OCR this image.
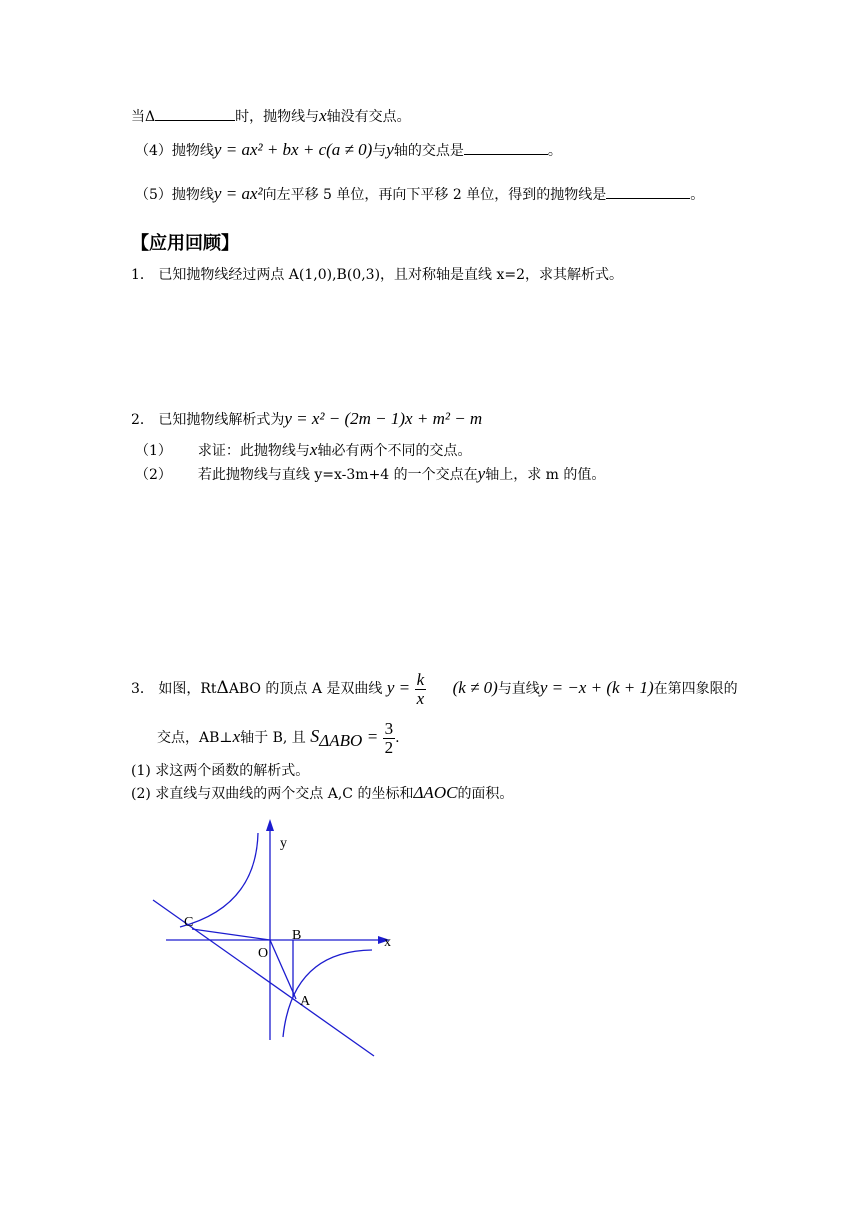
当Δ	时，抛物线与x轴没有交点。
（4）抛物线y = ax² + bx + c(a ≠ 0)与y轴的交点是	。
（5）抛物线y = ax²向左平移 5 单位，再向下平移 2 单位，得到的抛物线是	。
【应用回顾】
1． 已知抛物线经过两点 A(1,0),B(0,3)，且对称轴是直线 x=2，求其解析式。
2． 已知抛物线解析式为y = x² − (2m − 1)x + m² − m
（1） 求证：此抛物线与x轴必有两个不同的交点。
（2） 若此抛物线与直线 y=x-3m+4 的一个交点在y轴上，求 m 的值。
3． 如图，RtΔABO 的顶点 A 是双曲线 $y = \frac{k}{x} (k \ne 0)$与直线y = −x + (k + 1)在第四象限的
交点，AB⊥x轴于 B, 且 $S_{\Delta ABO} = \frac{3}{2}$ .
(1) 求这两个函数的解析式。
(2) 求直线与双曲线的两个交点 A,C 的坐标和ΔAOC的面积。
y
x
C
B
O
A
